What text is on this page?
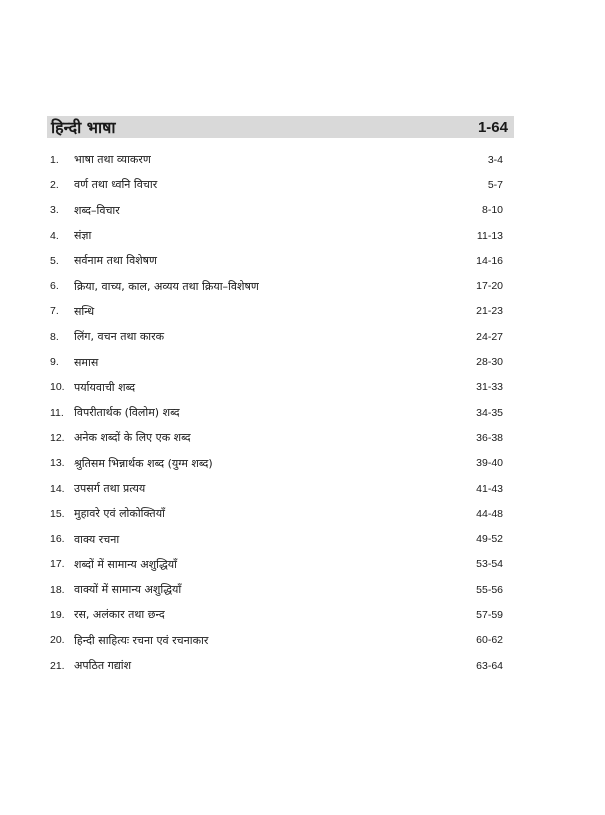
हिन्दी भाषा	1-64
1.	भाषा तथा व्याकरण	3-4
2.	वर्ण तथा ध्वनि विचार	5-7
3.	शब्द–विचार	8-10
4.	संज्ञा	11-13
5.	सर्वनाम तथा विशेषण	14-16
6.	क्रिया, वाच्य, काल, अव्यय तथा क्रिया–विशेषण	17-20
7.	सन्धि	21-23
8.	लिंग, वचन तथा कारक	24-27
9.	समास	28-30
10. पर्यायवाची शब्द	31-33
11. विपरीतार्थक (विलोम) शब्द	34-35
12. अनेक शब्दों के लिए एक शब्द	36-38
13. श्रुतिसम भिन्नार्थक शब्द (युग्म शब्द)	39-40
14. उपसर्ग तथा प्रत्यय	41-43
15. मुहावरे एवं लोकोक्तियाँ	44-48
16. वाक्य रचना	49-52
17. शब्दों में सामान्य अशुद्धियाँ	53-54
18. वाक्यों में सामान्य अशुद्धियाँ	55-56
19. रस, अलंकार तथा छन्द	57-59
20. हिन्दी साहित्यः रचना एवं रचनाकार	60-62
21. अपठित गद्यांश	63-64
